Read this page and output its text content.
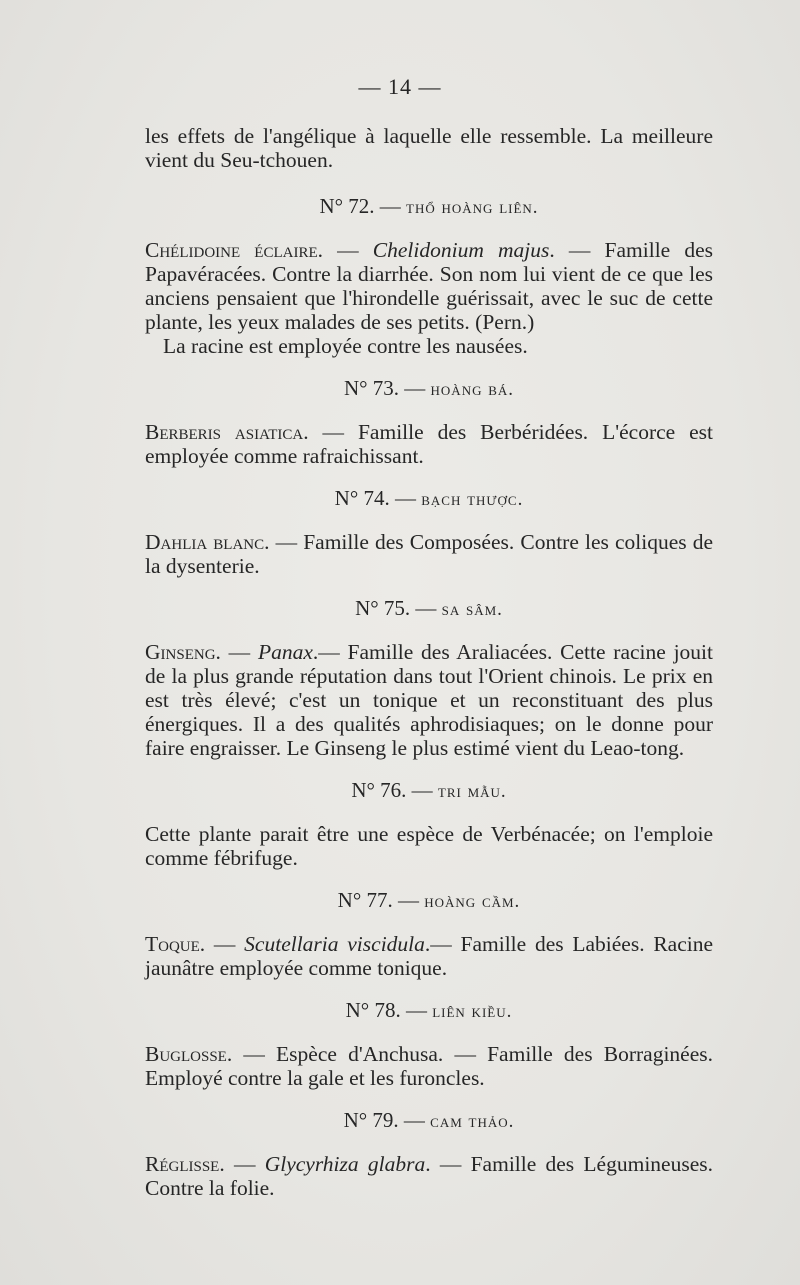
— 14 —

les effets de l'angélique à laquelle elle ressemble. La meilleure vient du Seu-tchouen.

N° 72. — thổ hoàng liên.

Chélidoine éclaire. — Chelidonium majus. — Famille des Papavéracées. Contre la diarrhée. Son nom lui vient de ce que les anciens pensaient que l'hirondelle guérissait, avec le suc de cette plante, les yeux malades de ses petits. (Pern.)

La racine est employée contre les nausées.

N° 73. — hoàng bá.

Berberis asiatica. — Famille des Berbéridées. L'écorce est employée comme rafraichissant.

N° 74. — bạch thược.

Dahlia blanc. — Famille des Composées. Contre les coliques de la dysenterie.

N° 75. — sa sâm.

Ginseng. — Panax.— Famille des Araliacées. Cette racine jouit de la plus grande réputation dans tout l'Orient chinois. Le prix en est très élevé; c'est un tonique et un reconstituant des plus énergiques. Il a des qualités aphrodisiaques; on le donne pour faire engraisser. Le Ginseng le plus estimé vient du Leao-tong.

N° 76. — tri mẫu.

Cette plante parait être une espèce de Verbénacée; on l'emploie comme fébrifuge.

N° 77. — hoàng cầm.

Toque. — Scutellaria viscidula.— Famille des Labiées. Racine jaunâtre employée comme tonique.

N° 78. — liên kiều.

Buglosse. — Espèce d'Anchusa. — Famille des Borraginées. Employé contre la gale et les furoncles.

N° 79. — cam thảo.

Réglisse. — Glycyrhiza glabra. — Famille des Légumineuses. Contre la folie.
